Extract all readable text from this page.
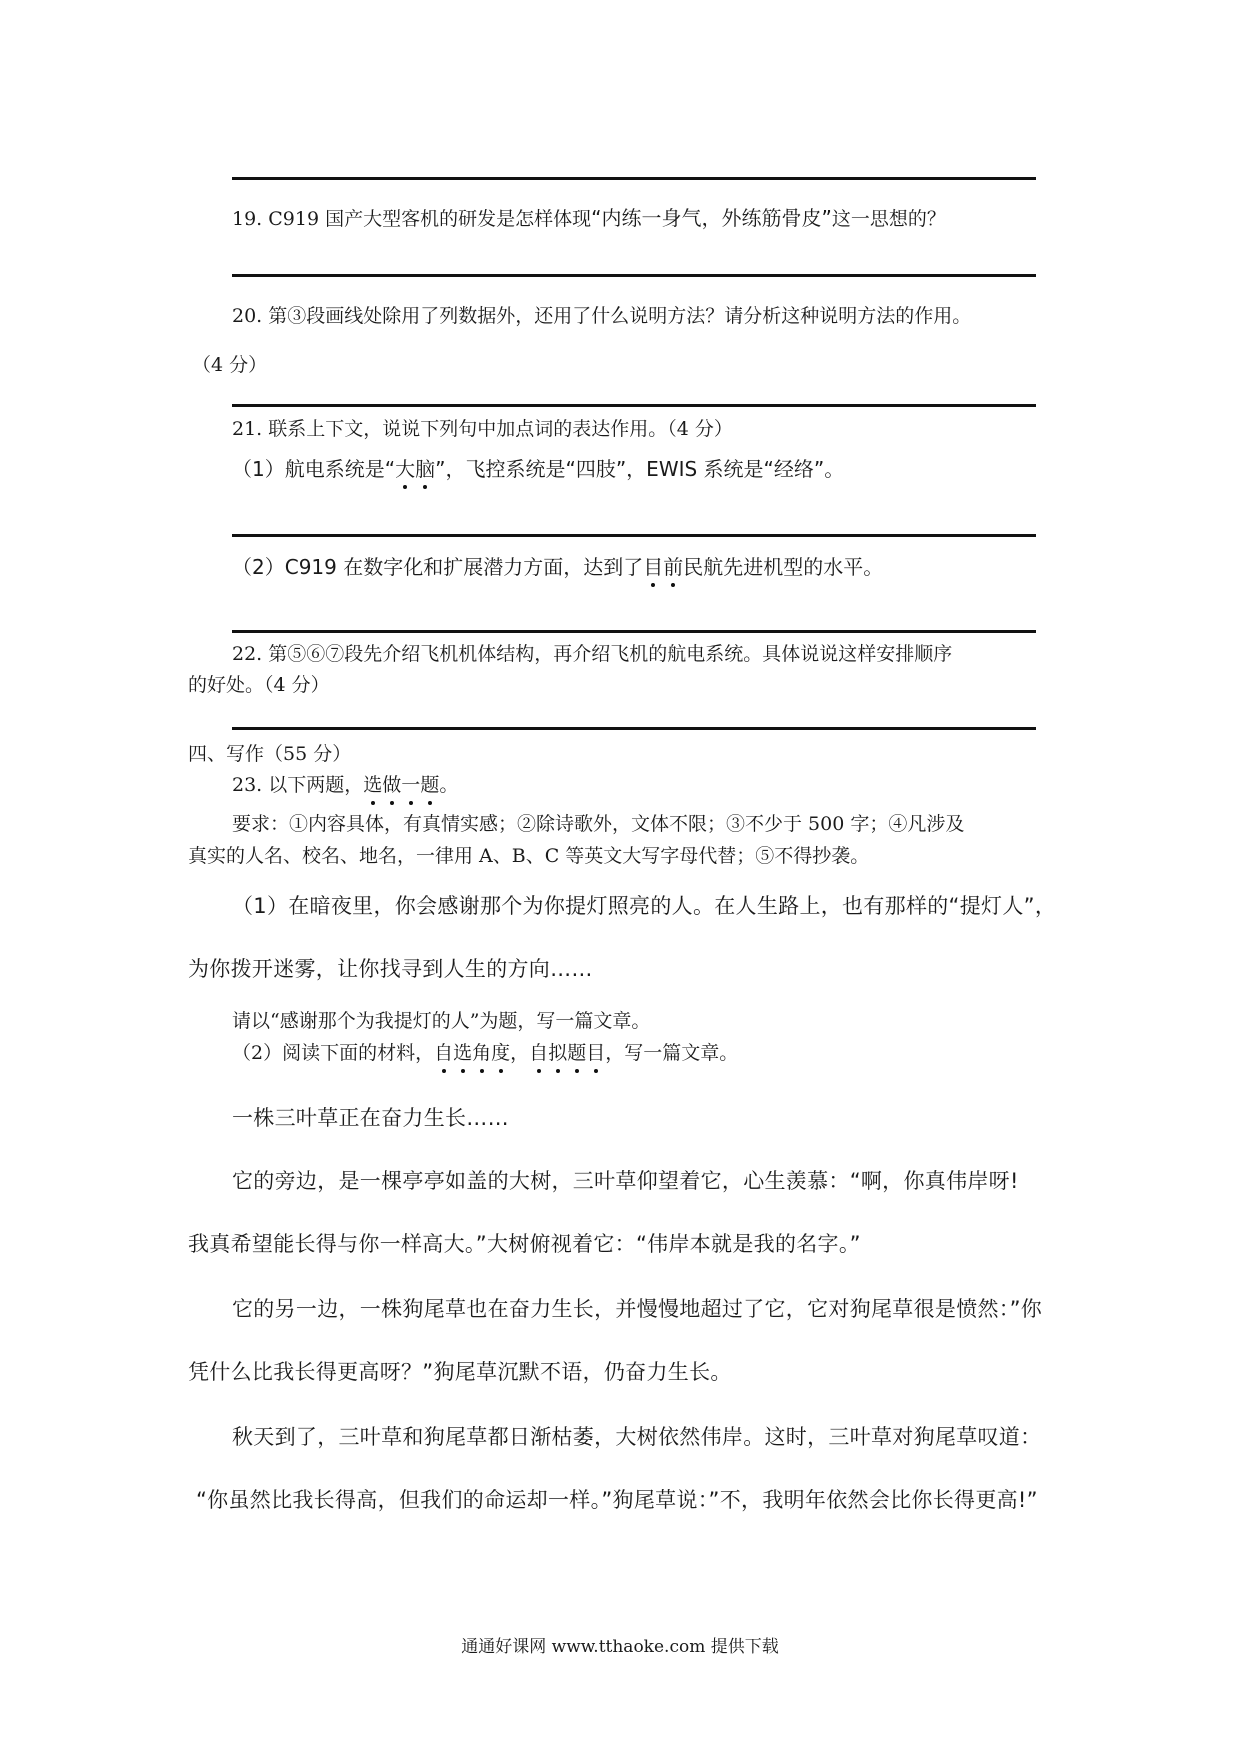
19. C919 国产大型客机的研发是怎样体现“内练一身气，外练筋骨皮”这一思想的？
20. 第③段画线处除用了列数据外，还用了什么说明方法？请分析这种说明方法的作用。
（4 分）
21. 联系上下文，说说下列句中加点词的表达作用。（4 分）
（1）航电系统是“大脑”，飞控系统是“四肢”，EWIS 系统是“经络”。
（2）C919 在数字化和扩展潜力方面，达到了目前民航先进机型的水平。
22. 第⑤⑥⑦段先介绍飞机机体结构，再介绍飞机的航电系统。具体说说这样安排顺序
的好处。（4 分）
四、写作（55 分）
23. 以下两题，选做一题。
要求：①内容具体，有真情实感；②除诗歌外，文体不限；③不少于 500 字；④凡涉及
真实的人名、校名、地名，一律用 A、B、C 等英文大写字母代替；⑤不得抄袭。
（1）在暗夜里，你会感谢那个为你提灯照亮的人。在人生路上，也有那样的“提灯人”，
为你拨开迷雾，让你找寻到人生的方向……
请以“感谢那个为我提灯的人”为题，写一篇文章。
（2）阅读下面的材料，自选角度，自拟题目，写一篇文章。
一株三叶草正在奋力生长……
它的旁边，是一棵亭亭如盖的大树，三叶草仰望着它，心生羡慕：“啊，你真伟岸呀!
我真希望能长得与你一样高大。”大树俯视着它：“伟岸本就是我的名字。”
它的另一边，一株狗尾草也在奋力生长，并慢慢地超过了它，它对狗尾草很是愤然：”你
凭什么比我长得更高呀？”狗尾草沉默不语，仍奋力生长。
秋天到了，三叶草和狗尾草都日渐枯萎，大树依然伟岸。这时，三叶草对狗尾草叹道：
“你虽然比我长得高，但我们的命运却一样。”狗尾草说：”不，我明年依然会比你长得更高!”
通通好课网 www.tthaoke.com 提供下载
